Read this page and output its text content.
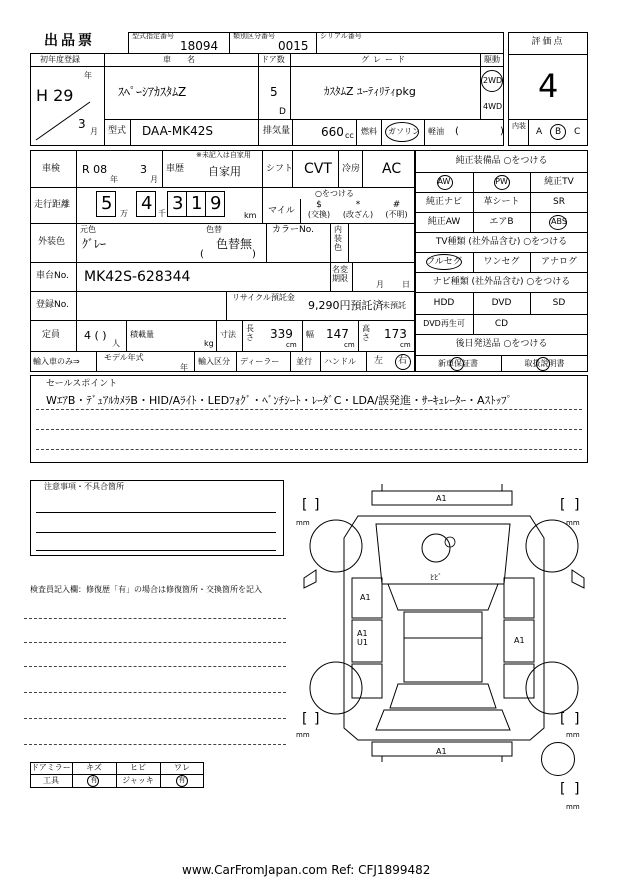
出品票	型式指定番号
18094
類別区分番号
0015
シリアル番号
評価点
4
初年度登録
年
H 29
3
月
車　名
ｽﾍﾟｰｼｱｶｽﾀﾑZ
ドア数
5
D
グレード
ｶｽﾀﾑZ ﾕｰﾃｨﾘﾃｨpkg
駆動
2WD
4WD
型式 DAA-MK42S	排気量	660 cc 燃料 ガソリン 軽油 (	) 内装
A B C
車検 R 08
年
3
月
車歴
※未記入は自家用
自家用	シフト CVT 冷房 AC
走行距離 5 4 3 1 9
万	千	km
○をつける
マイル
$
(交換)
*
(改ざん)
#
(不明)
外装色
元色
ｸﾞﾚｰ
色替
色替無
(	)
カラーNo.	内装色
車台No. MK42S-628344	名変期限
月 日
登録No.
リサイクル預託金
9,290円預託済
未預託
定員 4 ( )
人
積載量
kg
寸法
長さ 339
cm
幅 147
cm
高さ 173
cm
輸入車のみ⇒	モデル年式
年
輸入区分 ディーラー 並行 ハンドル 左 右
純正装備品 ○をつける
AW	PW	純正TV
純正ナビ	革シート	SR
純正AW	エアB	ABS
TV種類 (社外品含む) ○をつける
フルセグ	ワンセグ	アナログ
ナビ種類 (社外品含む) ○をつける
HDD	DVD	SD
DVD再生可	CD
後日発送品 ○をつける
新車保証書	取扱説明書
セールスポイント
WｴｱB・ﾃﾞｭｱﾙｶﾒﾗB・HID/Aﾗｲﾄ・LEDﾌｫｸﾞ・ﾍﾞﾝﾁｼｰﾄ・ﾚｰﾀﾞC・LDA/誤発進・ｻｰｷｭﾚｰﾀｰ・Aｽﾄｯﾌﾟ
注意事項・不具合箇所
検査員記入欄：修復歴「有」の場合は修復箇所・交換箇所を記入
A1
ﾋﾋﾞ
A1
A1
U1	A1
A1
[ ]
mm
[ ]
mm
[ ]
mm
[ ]
mm
[ ]
mm
ドアミラー	キズ	ヒビ	ワレ
工具	有	ジャッキ	有
www.CarFromJapan.com Ref: CFJ1899482
